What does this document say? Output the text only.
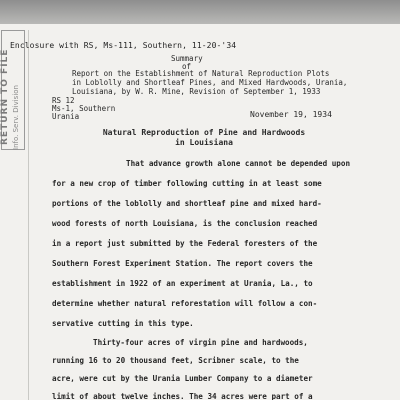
RETURN TO FILE Info. Serv. Division
Enclosure with RS, Ms-111, Southern, 11-20-'34
Summary
of
Report on the Establishment of Natural Reproduction Plots
in Loblolly and Shortleaf Pines, and Mixed Hardwoods, Urania,
Louisiana, by W. R. Mine, Revision of September 1, 1933
RS 12
Ms-1, Southern
Urania	November 19, 1934
Natural Reproduction of Pine and Hardwoods
in Louisiana
That advance growth alone cannot be depended upon
for a new crop of timber following cutting in at least some
portions of the loblolly and shortleaf pine and mixed hard-
wood forests of north Louisiana, is the conclusion reached
in a report just submitted by the Federal foresters of the
Southern Forest Experiment Station. The report covers the
establishment in 1922 of an experiment at Urania, La., to
determine whether natural reforestation will follow a con-
servative cutting in this type.
Thirty-four acres of virgin pine and hardwoods,
running 16 to 20 thousand feet, Scribner scale, to the
acre, were cut by the Urania Lumber Company to a diameter
limit of about twelve inches. The 34 acres were part of a
